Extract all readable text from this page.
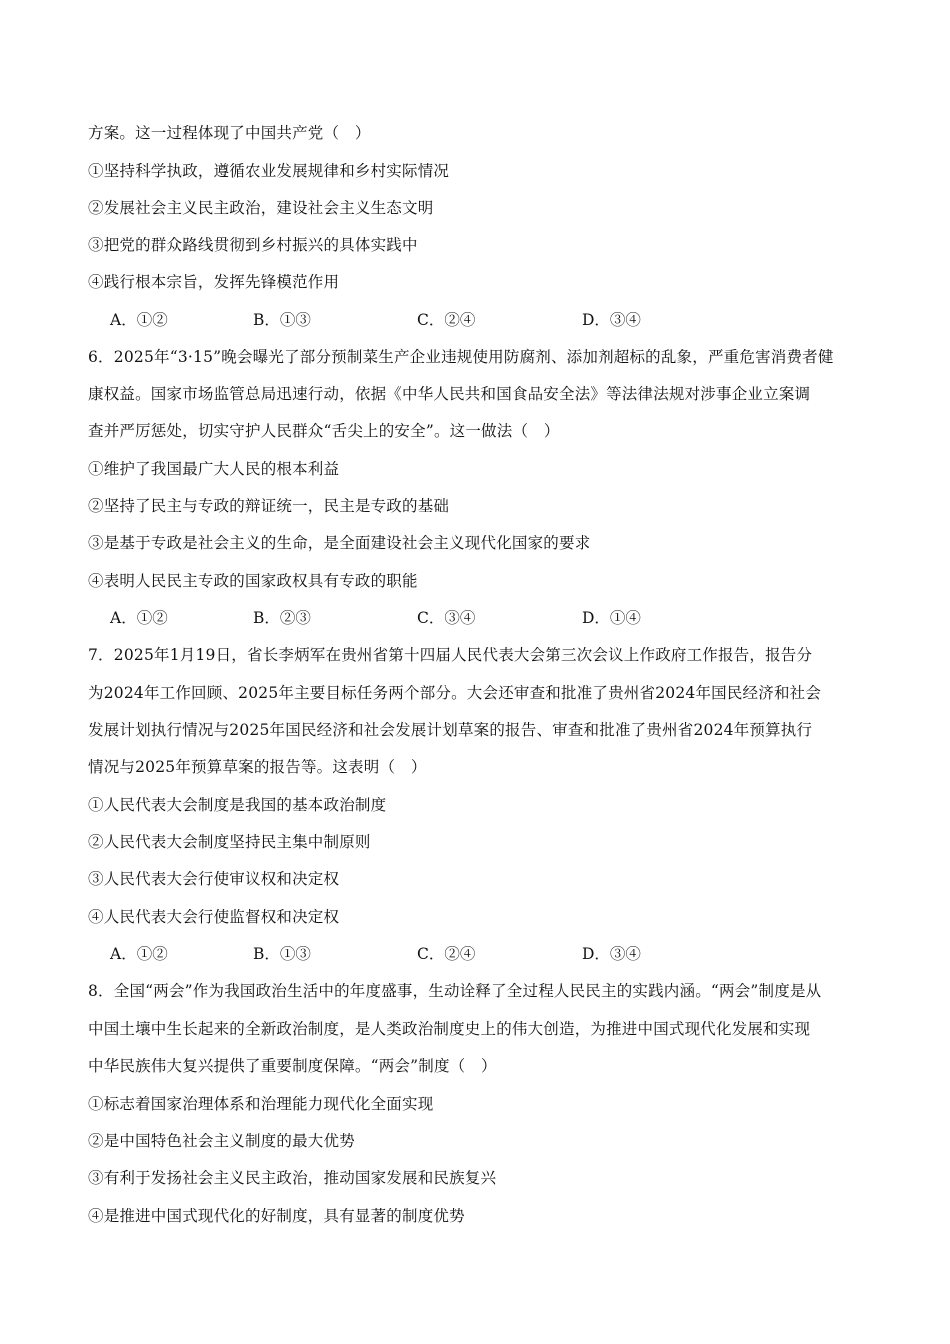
方案。这一过程体现了中国共产党（　）
①坚持科学执政，遵循农业发展规律和乡村实际情况
②发展社会主义民主政治，建设社会主义生态文明
③把党的群众路线贯彻到乡村振兴的具体实践中
④践行根本宗旨，发挥先锋模范作用
A．①②	B．①③	C．②④	D．③④
6．2025年“3·15”晚会曝光了部分预制菜生产企业违规使用防腐剂、添加剂超标的乱象，严重危害消费者健
康权益。国家市场监管总局迅速行动，依据《中华人民共和国食品安全法》等法律法规对涉事企业立案调
查并严厉惩处，切实守护人民群众“舌尖上的安全”。这一做法（　）
①维护了我国最广大人民的根本利益
②坚持了民主与专政的辩证统一，民主是专政的基础
③是基于专政是社会主义的生命，是全面建设社会主义现代化国家的要求
④表明人民民主专政的国家政权具有专政的职能
A．①②	B．②③	C．③④	D．①④
7．2025年1月19日，省长李炳军在贵州省第十四届人民代表大会第三次会议上作政府工作报告，报告分
为2024年工作回顾、2025年主要目标任务两个部分。大会还审查和批准了贵州省2024年国民经济和社会
发展计划执行情况与2025年国民经济和社会发展计划草案的报告、审查和批准了贵州省2024年预算执行
情况与2025年预算草案的报告等。这表明（　）
①人民代表大会制度是我国的基本政治制度
②人民代表大会制度坚持民主集中制原则
③人民代表大会行使审议权和决定权
④人民代表大会行使监督权和决定权
A．①②	B．①③	C．②④	D．③④
8．全国“两会”作为我国政治生活中的年度盛事，生动诠释了全过程人民民主的实践内涵。“两会”制度是从
中国土壤中生长起来的全新政治制度，是人类政治制度史上的伟大创造，为推进中国式现代化发展和实现
中华民族伟大复兴提供了重要制度保障。“两会”制度（　）
①标志着国家治理体系和治理能力现代化全面实现
②是中国特色社会主义制度的最大优势
③有利于发扬社会主义民主政治，推动国家发展和民族复兴
④是推进中国式现代化的好制度，具有显著的制度优势
